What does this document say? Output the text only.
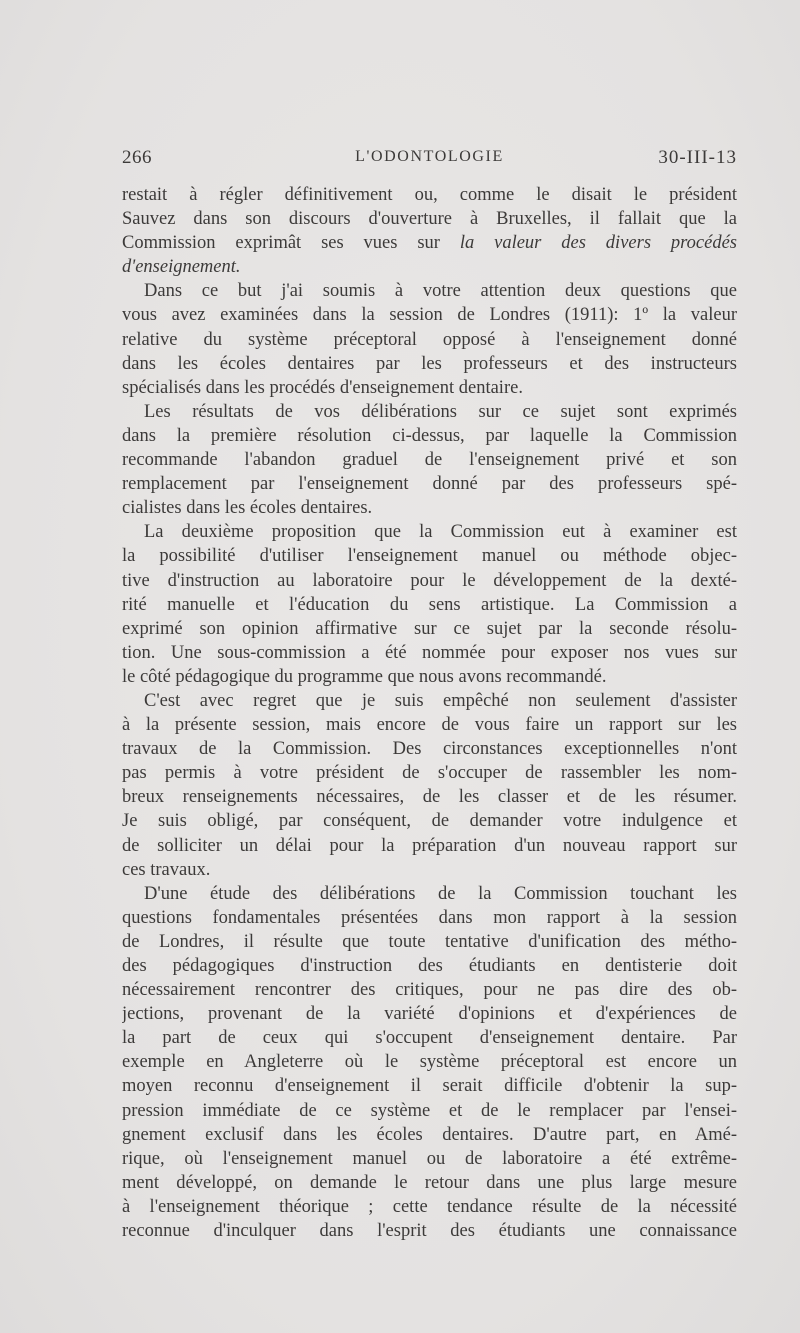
266	L'ODONTOLOGIE	30-III-13
restait à régler définitivement ou, comme le disait le président
Sauvez dans son discours d'ouverture à Bruxelles, il fallait que la
Commission exprimât ses vues sur la valeur des divers procédés
d'enseignement.
Dans ce but j'ai soumis à votre attention deux questions que
vous avez examinées dans la session de Londres (1911): 1º la valeur
relative du système préceptoral opposé à l'enseignement donné
dans les écoles dentaires par les professeurs et des instructeurs
spécialisés dans les procédés d'enseignement dentaire.
Les résultats de vos délibérations sur ce sujet sont exprimés
dans la première résolution ci-dessus, par laquelle la Commission
recommande l'abandon graduel de l'enseignement privé et son
remplacement par l'enseignement donné par des professeurs spé-
cialistes dans les écoles dentaires.
La deuxième proposition que la Commission eut à examiner est
la possibilité d'utiliser l'enseignement manuel ou méthode objec-
tive d'instruction au laboratoire pour le développement de la dexté-
rité manuelle et l'éducation du sens artistique. La Commission a
exprimé son opinion affirmative sur ce sujet par la seconde résolu-
tion. Une sous-commission a été nommée pour exposer nos vues sur
le côté pédagogique du programme que nous avons recommandé.
C'est avec regret que je suis empêché non seulement d'assister
à la présente session, mais encore de vous faire un rapport sur les
travaux de la Commission. Des circonstances exceptionnelles n'ont
pas permis à votre président de s'occuper de rassembler les nom-
breux renseignements nécessaires, de les classer et de les résumer.
Je suis obligé, par conséquent, de demander votre indulgence et
de solliciter un délai pour la préparation d'un nouveau rapport sur
ces travaux.
D'une étude des délibérations de la Commission touchant les
questions fondamentales présentées dans mon rapport à la session
de Londres, il résulte que toute tentative d'unification des métho-
des pédagogiques d'instruction des étudiants en dentisterie doit
nécessairement rencontrer des critiques, pour ne pas dire des ob-
jections, provenant de la variété d'opinions et d'expériences de
la part de ceux qui s'occupent d'enseignement dentaire. Par
exemple en Angleterre où le système préceptoral est encore un
moyen reconnu d'enseignement il serait difficile d'obtenir la sup-
pression immédiate de ce système et de le remplacer par l'ensei-
gnement exclusif dans les écoles dentaires. D'autre part, en Amé-
rique, où l'enseignement manuel ou de laboratoire a été extrême-
ment développé, on demande le retour dans une plus large mesure
à l'enseignement théorique ; cette tendance résulte de la nécessité
reconnue d'inculquer dans l'esprit des étudiants une connaissance
